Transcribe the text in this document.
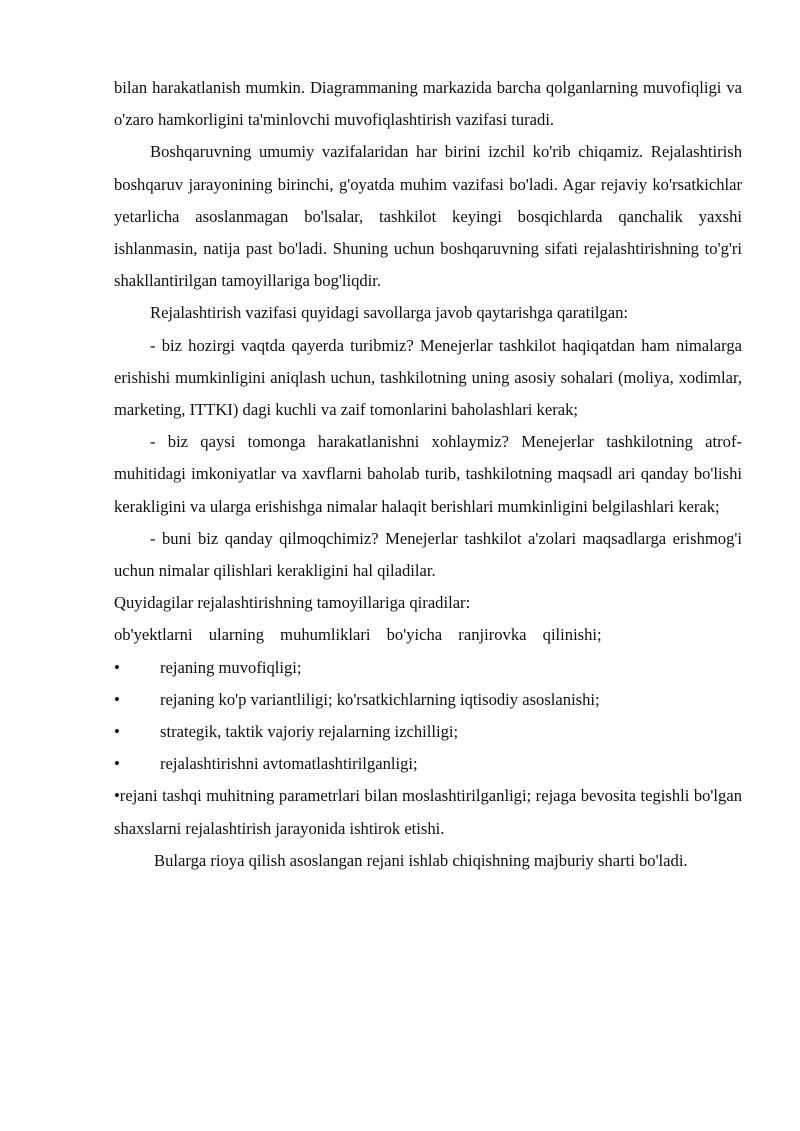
bilan harakatlanish mumkin. Diagrammaning markazida barcha qolganlarning muvofiqligi va o'zaro hamkorligini ta'minlovchi muvofiqlashtirish vazifasi turadi.

Boshqaruvning umumiy vazifalaridan har birini izchil ko'rib chiqamiz. Rejalashtirish boshqaruv jarayonining birinchi, g'oyatda muhim vazifasi bo'ladi. Agar rejaviy ko'rsatkichlar yetarlicha asoslanmagan bo'lsalar, tashkilot keyingi bosqichlarda qanchalik yaxshi ishlanmasin, natija past bo'ladi. Shuning uchun boshqaruvning sifati rejalashtirishning to'g'ri shakllantirilgan tamoyillariga bog'liqdir.

Rejalashtirish vazifasi quyidagi savollarga javob qaytarishga qaratilgan:

- biz hozirgi vaqtda qayerda turibmiz? Menejerlar tashkilot haqiqatdan ham nimalarga erishishi mumkinligini aniqlash uchun, tashkilotning uning asosiy sohalari (moliya, xodimlar, marketing, ITTKI) dagi kuchli va zaif tomonlarini baholashlari kerak;

- biz qaysi tomonga harakatlanishni xohlaymiz? Menejerlar tashkilotning atrof-muhitidagi imkoniyatlar va xavflarni baholab turib, tashkilotning maqsadl ari qanday bo'lishi kerakligini va ularga erishishga nimalar halaqit berishlari mumkinligini belgilashlari kerak;

- buni biz qanday qilmoqchimiz? Menejerlar tashkilot a'zolari maqsadlarga erishmog'i uchun nimalar qilishlari kerakligini hal qiladilar.

Quyidagilar rejalashtirishning tamoyillariga qiradilar:

ob'yektlarni ularning muhumliklari bo'yicha ranjirovka qilinishi;

•	rejaning muvofiqligi;
•	rejaning ko'p variantliligi; ko'rsatkichlarning iqtisodiy asoslanishi;
•	strategik, taktik vajoriy rejalarning izchilligi;
•	rejalashtirishni avtomatlashtirilganligi;

•rejani tashqi muhitning parametrlari bilan moslashtirilganligi; rejaga bevosita tegishli bo'lgan shaxslarni rejalashtirish jarayonida ishtirok etishi.

Bularga rioya qilish asoslangan rejani ishlab chiqishning majburiy sharti bo'ladi.
